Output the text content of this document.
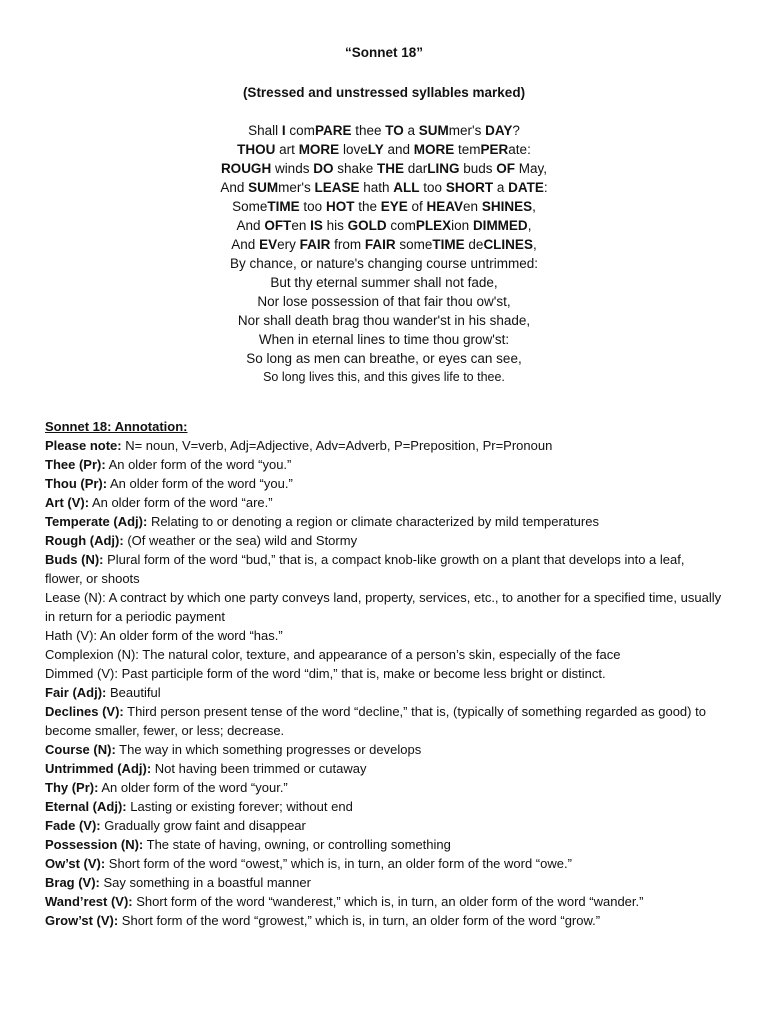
“Sonnet 18”
(Stressed and unstressed syllables marked)
Shall I comPARE thee TO a SUMmer's DAY?
THOU art MORE loveLY and MORE temPERate:
ROUGH winds DO shake THE darLING buds OF May,
And SUMmer's LEASE hath ALL too SHORT a DATE:
SomeTIME too HOT the EYE of HEAVen SHINES,
And OFTen IS his GOLD comPLEXion DIMMED,
And EVery FAIR from FAIR someTIME deCLINES,
By chance, or nature's changing course untrimmed:
But thy eternal summer shall not fade,
Nor lose possession of that fair thou ow'st,
Nor shall death brag thou wander'st in his shade,
When in eternal lines to time thou grow'st:
So long as men can breathe, or eyes can see,
So long lives this, and this gives life to thee.
Sonnet 18: Annotation:
Please note: N= noun, V=verb, Adj=Adjective, Adv=Adverb, P=Preposition, Pr=Pronoun
Thee (Pr): An older form of the word “you.”
Thou (Pr): An older form of the word “you.”
Art (V): An older form of the word “are.”
Temperate (Adj): Relating to or denoting a region or climate characterized by mild temperatures
Rough (Adj): (Of weather or the sea) wild and Stormy
Buds (N): Plural form of the word “bud,” that is, a compact knob-like growth on a plant that develops into a leaf, flower, or shoots
Lease (N): A contract by which one party conveys land, property, services, etc., to another for a specified time, usually in return for a periodic payment
Hath (V): An older form of the word “has.”
Complexion (N): The natural color, texture, and appearance of a person’s skin, especially of the face
Dimmed (V): Past participle form of the word “dim,” that is, make or become less bright or distinct.
Fair (Adj): Beautiful
Declines (V): Third person present tense of the word “decline,” that is, (typically of something regarded as good) to become smaller, fewer, or less; decrease.
Course (N): The way in which something progresses or develops
Untrimmed (Adj): Not having been trimmed or cutaway
Thy (Pr): An older form of the word “your.”
Eternal (Adj): Lasting or existing forever; without end
Fade (V): Gradually grow faint and disappear
Possession (N): The state of having, owning, or controlling something
Ow’st (V): Short form of the word “owest,” which is, in turn, an older form of the word “owe.”
Brag (V): Say something in a boastful manner
Wand’rest (V): Short form of the word “wanderest,” which is, in turn, an older form of the word “wander.”
Grow’st (V): Short form of the word “growest,” which is, in turn, an older form of the word “grow.”
